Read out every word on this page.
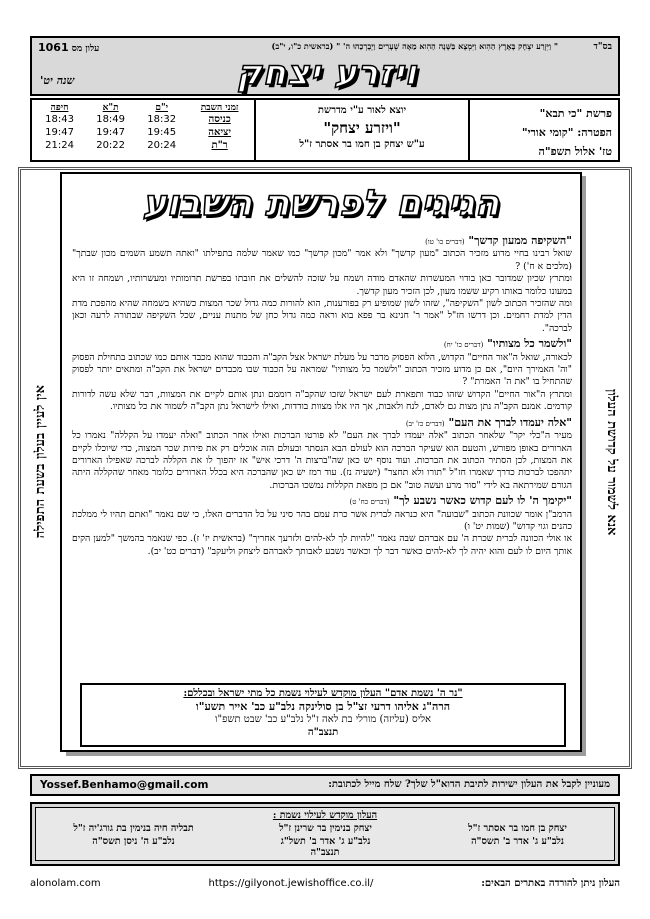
בס"ד
" וַיִּזְרַע יִצְחָק בָּאָרֶץ הַהִוא וַיִּמְצָא בַּשָּׁנָה הַהִוא מֵאָה שְׁעָרִים וַיְבָרְכֵהוּ ה' " (בראשית כ"ו, י"ב)
עלון מס 1061
ויזרע יצחק
שנה יט'
פרשת "כי תבא"
הפטרה: "קומי אורי"
טז' אלול תשפ"ה
יוצא לאור ע"י מדרשת
"ויזרע יצחק"
ע"ש יצחק בן חמו בר אסתר ז"ל
זמני השבת	י"ם	ת"א	חיפה
כניסה	18:32	18:49	18:43
יציאה	19:45	19:47	19:47
ר"ת	20:24	20:22	21:24
אנא לשמור על קדושת העלון
אין לעיין בעלון בשעת התפילה
הגיגים לפרשת השבוע
"השקיפה ממעון קדשך" (דברים כו' טו)

שואל רבינו בחיי מדוע מזכיר הכתוב "מעון קדשך" ולא אמר "מכון קדשך" כמו שאמר שלמה בתפילתו "ואתה תשמע השמים מכון שבתך" (מלכים א ח') ?

ומתרץ שכיון שמדובר כאן בודוי המעשרות שהאדם מודה ושמח על שזכה להשלים את חובתו בפרשת תרומותיו ומעשרותיו, ושמחה זו היא במעונו כלומר באותו רקיע ששמו מעון, לכן הזכיר מעון קדשך.

ומה שהזכיר הכתוב לשון "השקיפה", שזהו לשון שמופיע רק בפורענות, הוא להורות כמה גדול שכר המצות כשהיא בשמחה שהיא מהפכת מדת הדין למדת רחמים. וכן דרשו חז"ל "אמר ר' חנינא בר פפא בוא וראה כמה גדול כחן של מתנות עניים, שכל השקיפה שבתורה לרעה וכאן לברכה".

"ולשמר כל מצותיו" (דברים כו' יח)

לכאורה, שואל ה"אור החיים" הקדוש, הלוא הפסוק מדבר על מעלת ישראל אצל הקב"ה והכבוד שהוא מכבד אותם כמו שכתוב בתחילת הפסוק "וה' האמירך היום", אם כן מדוע מזכיר הכתוב "ולשמר כל מצותיו" שמראה על הכבוד שבו מכבדים ישראל את הקב"ה ומתאים יותר לפסוק שהתחיל בו "את ה' האמרת" ?

ומתרץ ה"אור החיים" הקדוש שזהו כבוד ותפארת לעם ישראל שזכו שהקב"ה רוממם ונתן אותם לקיים את המצוות, דבר שלא עשה לדורות קודמים. אמנם הקב"ה נתן מצות גם לאדם, לנח ולאבות, אך היו אלו מצוות בודדות, ואילו לישראל נתן הקב"ה לשמור את כל מצותיו.

"אלה יעמדו לברך את העם" (דברים כז' יב)

מעיר ה"כלי יקר" שלאחר הכתוב "אלה יעמדו לברך את העם" לא פורטו הברכות ואילו אחר הכתוב "ואלה יעמדו על הקללה" נאמרו כל הארורים באופן מפורש, והטעם הוא שעיקר הברכה הוא לעולם הבא הנסתר ובעולם הזה אוכלים רק את פירות שכר המצוה, כדי שיוכלו לקיים את המצות, לכן הסתיר הכתוב את הברכות. ועוד נוסף יש כאן שה"ברצות ה' דרכי איש" אז יהפוך לו את הקללה לברכה שאפילו הארורים יתהפכו לברכות כדרך שאמרו חז"ל "תורו ולא תחצר" (ישעיה נז). עוד רמז יש כאן שהברכה היא בכלל הארורים כלומר מאחר שהקללה היתה הגורם שמירתאה בא לידי "סור מרע ועשה טוב" אם כן מפאת הקללות נמשכו הברכות.

"יקימך ה' לו לעם קדוש כאשר נשבע לך" (דברים כח' ט)

הרמב"ן אומר שכוונת הכתוב "שבועה" היא כנראה לברית אשר כרת עמם בהר סיני על כל הדברים האלו, כי שם נאמר "ואתם תהיו לי ממלכת כהנים וגוי קדוש" (שמות יט' ו)

או אולי הכוונה לברית שכרת ה' עם אברהם שבה נאמר "להיות לך לא-להים ולזרעך אחריך" (בראשית יז' ז). כפי שנאמר בהמשך "למען הקים אותך היום לו לעם והוא יהיה לך לא-להים כאשר דבר לך וכאשר נשבע לאבותך לאברהם ליצחק וליעקב" (דברים כט' יב).

"נר ה' נשמת אדם" העלון מוקדש לעילוי נשמת כל מתי ישראל ובכללם:
הרה"ג אליהו דרעי זצ"ל בן סולינקה נלב"ע כב' אייר תשע"ו
אליס (עליזה) מורלי בת לאה ז"ל נלב"ע כב' שבט תשפ"ו
תנצב"ה
מעוניין לקבל את העלון ישירות לתיבת הדוא"ל שלך? שלח מייל לכתובת:
Yossef.Benhamo@gmail.com
העלון מוקדש לעילוי נשמת :
יצחק בן חמו בר אסתר ז"ל
נלב"ע ג' אדר ב' תשס"ה
יצחק בנימין בר שרינן ז"ל
נלב"ע ג' אדר ב' תשל"ג
תבליה חיה בנימין בת גורג'יה ז"ל
נלב"ע ה' ניסן תשס"ה
תנצב"ה
alonolam.com	https://gilyonot.jewishoffice.co.il/	העלון ניתן להורדה באתרים הבאים:
